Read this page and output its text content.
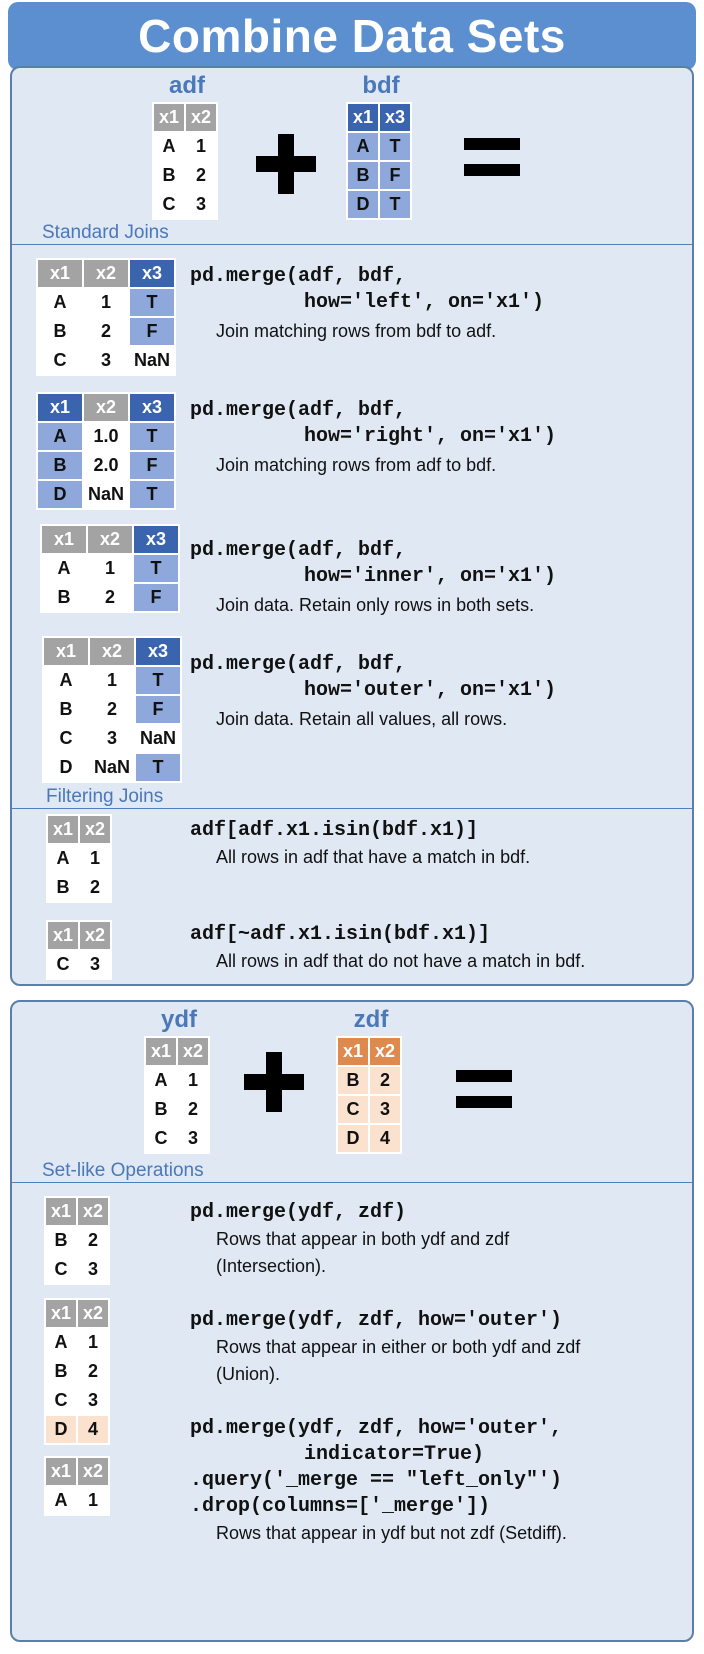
Combine Data Sets
adf
x1	x2
A	1
B	2
C	3
bdf
x1	x3
A	T
B	F
D	T
Standard Joins
x1	x2	x3
A	1	T
B	2	F
C	3	NaN
pd.merge(adf, bdf,
how='left', on='x1')
Join matching rows from bdf to adf.
x1	x2	x3
A	1.0	T
B	2.0	F
D	NaN	T
pd.merge(adf, bdf,
how='right', on='x1')
Join matching rows from adf to bdf.
x1	x2	x3
A	1	T
B	2	F
pd.merge(adf, bdf,
how='inner', on='x1')
Join data. Retain only rows in both sets.
x1	x2	x3
A	1	T
B	2	F
C	3	NaN
D	NaN	T
pd.merge(adf, bdf,
how='outer', on='x1')
Join data. Retain all values, all rows.
Filtering Joins
x1	x2
A	1
B	2
adf[adf.x1.isin(bdf.x1)]
All rows in adf that have a match in bdf.
x1	x2
C	3
adf[~adf.x1.isin(bdf.x1)]
All rows in adf that do not have a match in bdf.
ydf
x1	x2
A	1
B	2
C	3
zdf
x1	x2
B	2
C	3
D	4
Set-like Operations
x1	x2
B	2
C	3
pd.merge(ydf, zdf)
Rows that appear in both ydf and zdf
(Intersection).
x1	x2
A	1
B	2
C	3
D	4
pd.merge(ydf, zdf, how='outer')
Rows that appear in either or both ydf and zdf
(Union).
x1	x2
A	1
pd.merge(ydf, zdf, how='outer',
indicator=True)
.query('_merge == "left_only"')
.drop(columns=['_merge'])
Rows that appear in ydf but not zdf (Setdiff).
